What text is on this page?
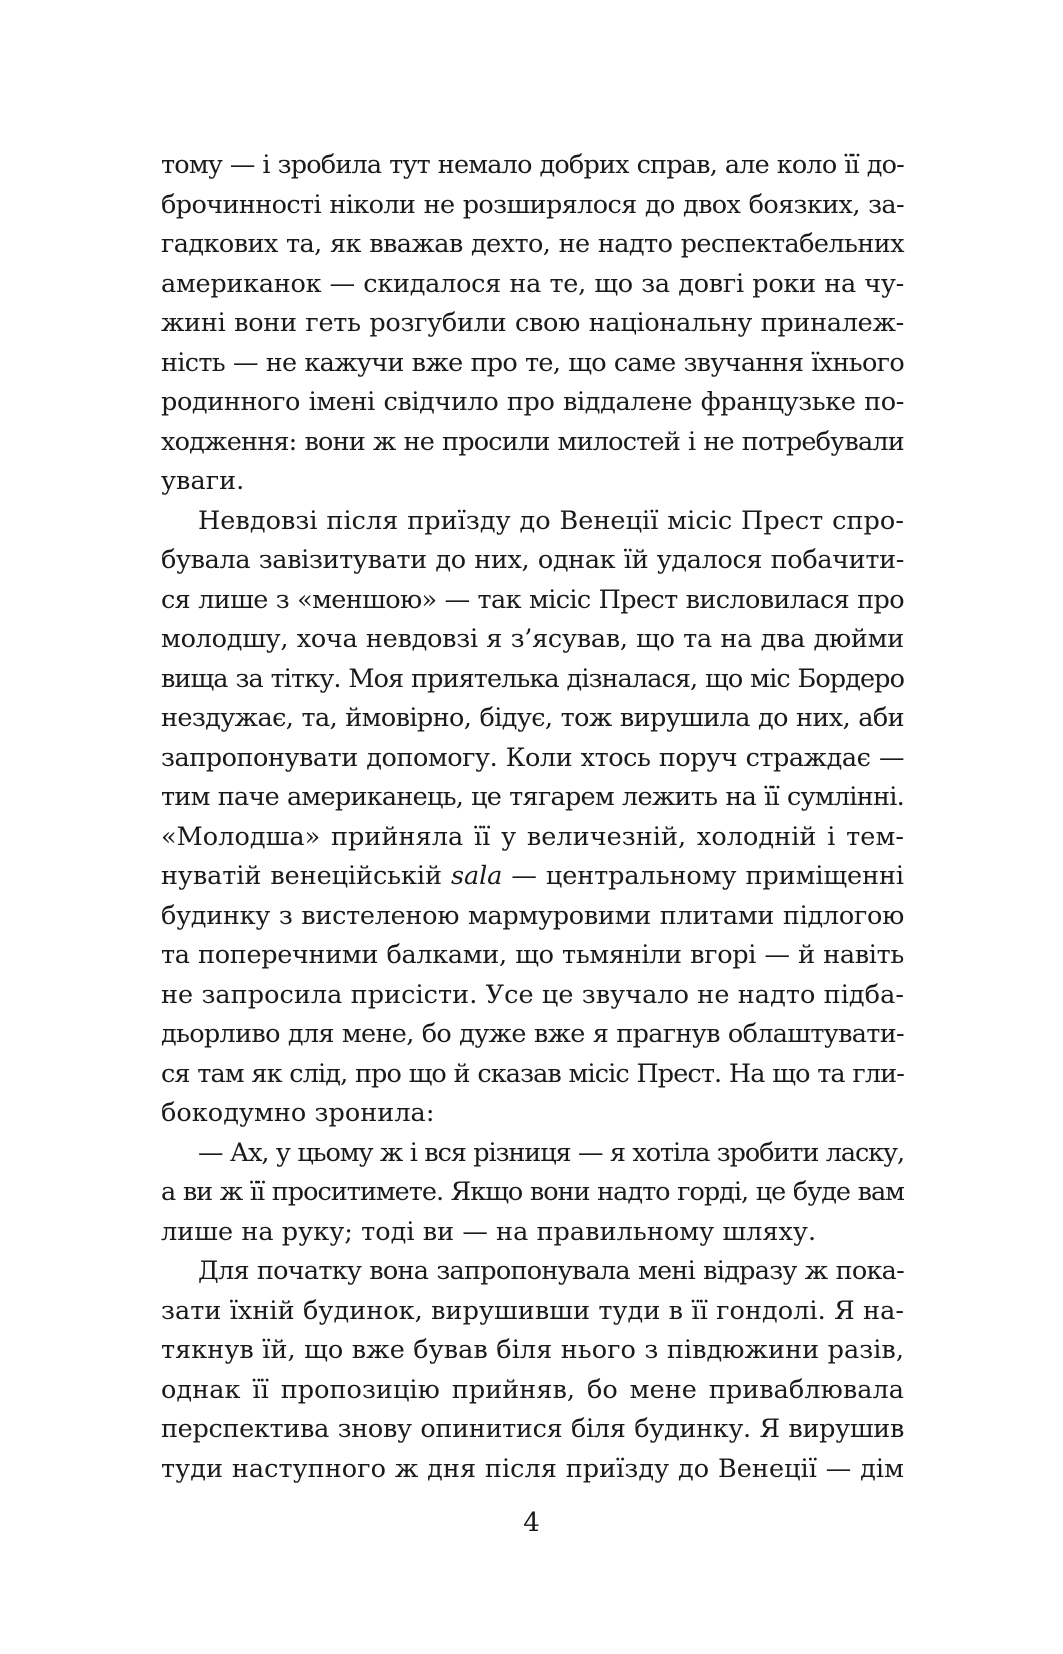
тому — і зробила тут немало добрих справ, але коло її до-
брочинності ніколи не розширялося до двох боязких, за-
гадкових та, як вважав дехто, не надто респектабельних
американок — скидалося на те, що за довгі роки на чу-
жині вони геть розгубили свою національну приналеж-
ність — не кажучи вже про те, що саме звучання їхнього
родинного імені свідчило про віддалене французьке по-
ходження: вони ж не просили милостей і не потребували
уваги.

Невдовзі після приїзду до Венеції місіс Прест спро-
бувала завізитувати до них, однак їй удалося побачити-
ся лише з «меншою» — так місіс Прест висловилася про
молодшу, хоча невдовзі я з’ясував, що та на два дюйми
вища за тітку. Моя приятелька дізналася, що міс Бордеро
нездужає, та, ймовірно, бідує, тож вирушила до них, аби
запропонувати допомогу. Коли хтось поруч страждає —
тим паче американець, це тягарем лежить на її сумлінні.
«Молодша» прийняла її у величезній, холодній і тем-
нуватій венеційській sala — центральному приміщенні
будинку з вистеленою мармуровими плитами підлогою
та поперечними балками, що тьмяніли вгорі — й навіть
не запросила присісти. Усе це звучало не надто підба-
дьорливо для мене, бо дуже вже я прагнув облаштувати-
ся там як слід, про що й сказав місіс Прест. На що та гли-
бокодумно зронила:

— Ах, у цьому ж і вся різниця — я хотіла зробити ласку,
а ви ж її проситимете. Якщо вони надто горді, це буде вам
лише на руку; тоді ви — на правильному шляху.

Для початку вона запропонувала мені відразу ж пока-
зати їхній будинок, вирушивши туди в її гондолі. Я на-
тякнув їй, що вже бував біля нього з півдюжини разів,
однак її пропозицію прийняв, бо мене приваблювала
перспектива знову опинитися біля будинку. Я вирушив
туди наступного ж дня після приїзду до Венеції — дім

4
